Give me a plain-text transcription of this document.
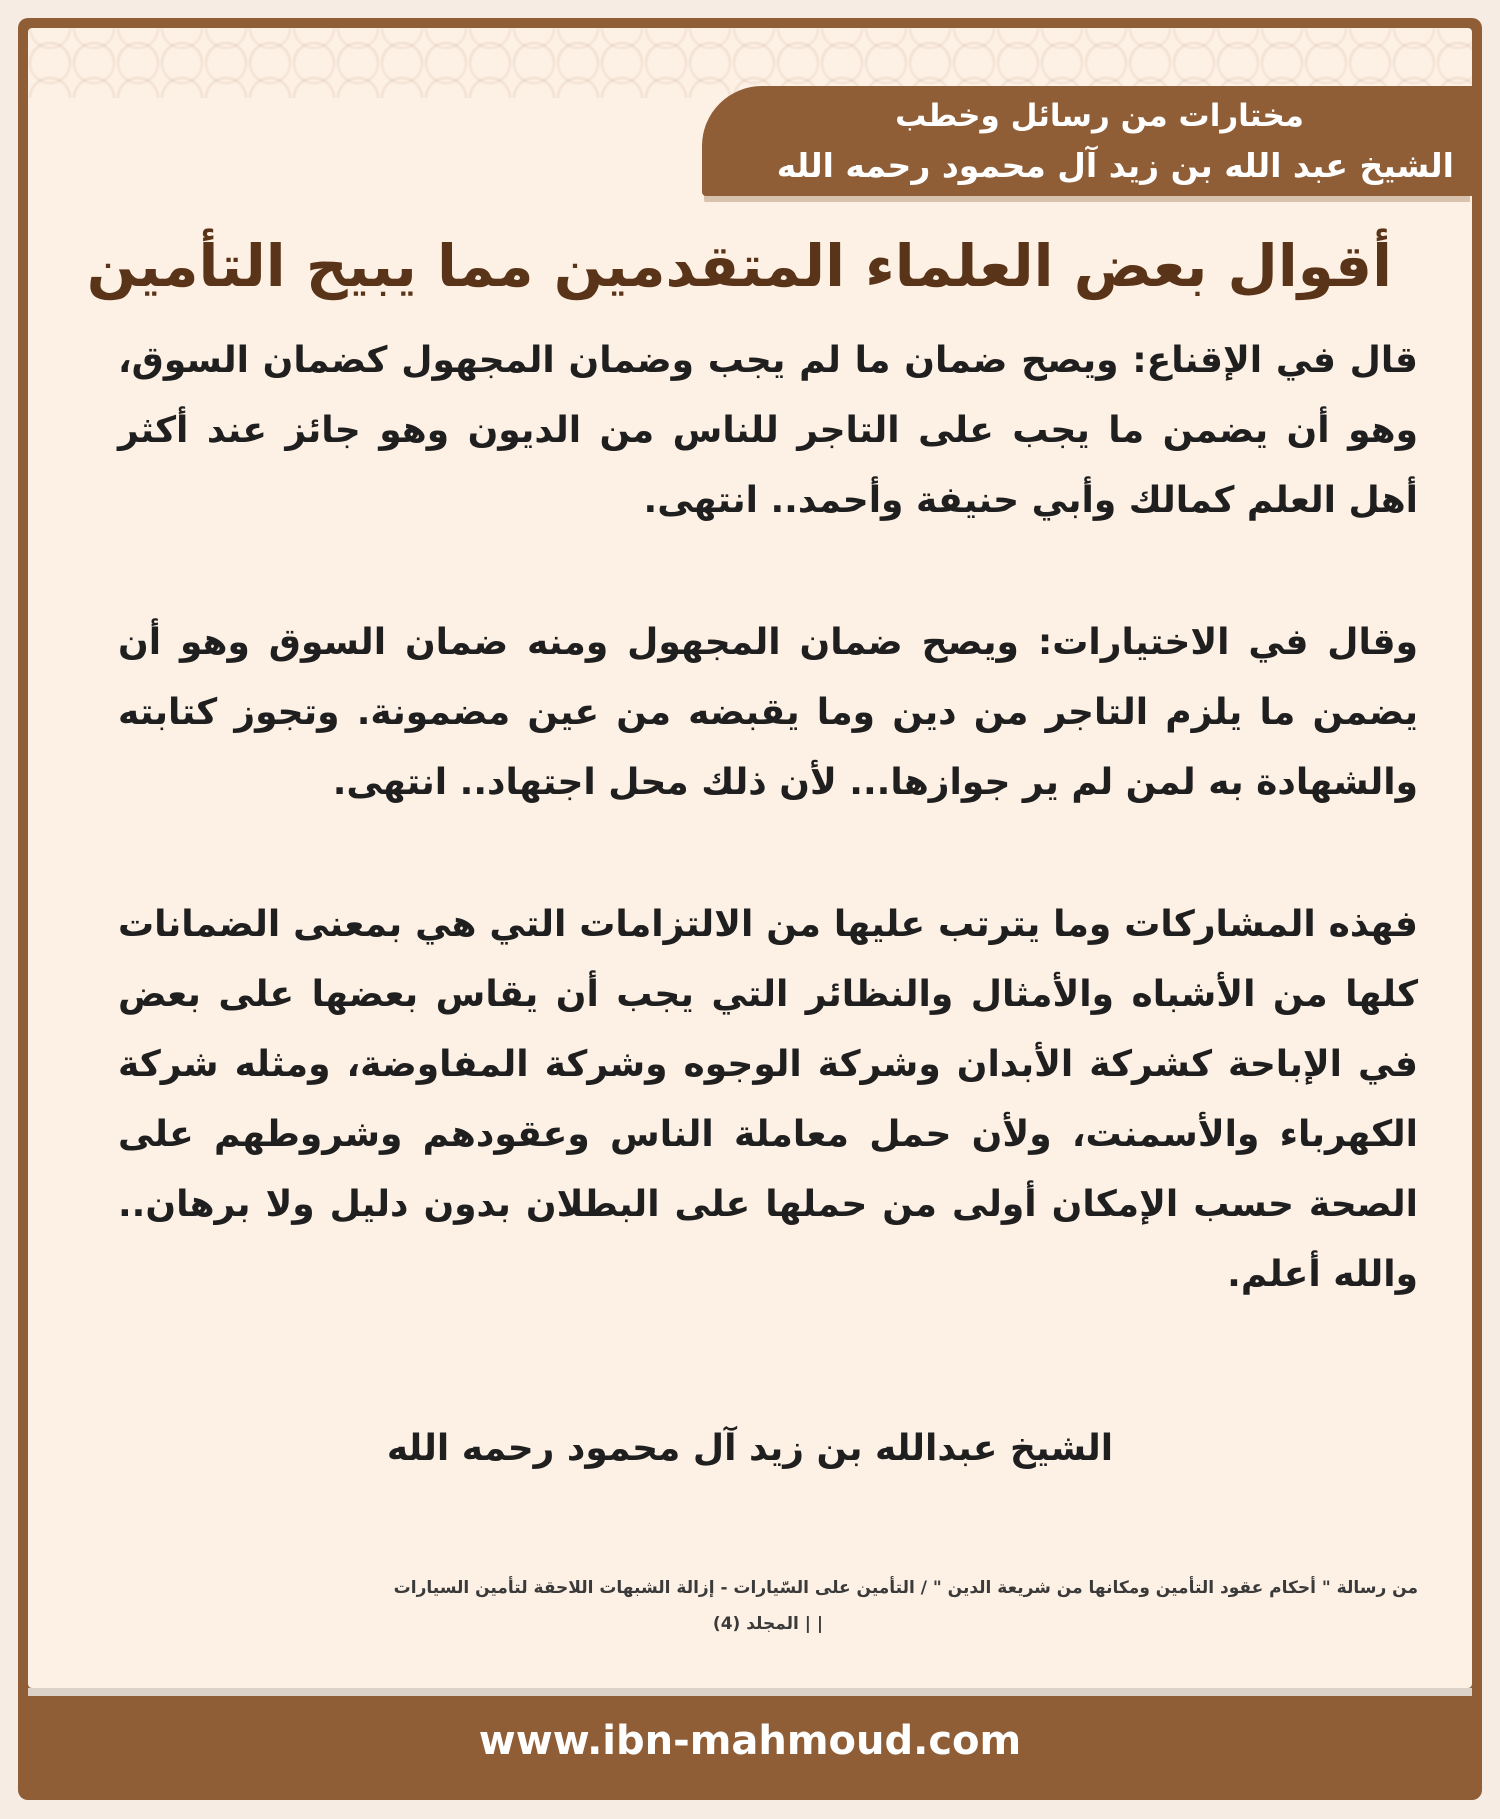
مختارات من رسائل وخطب
الشيخ عبد الله بن زيد آل محمود رحمه الله
أقوال بعض العلماء المتقدمين مما يبيح التأمين

قال في الإقناع: ويصح ضمان ما لم يجب وضمان المجهول كضمان السوق، وهو أن يضمن ما يجب على التاجر للناس من الديون وهو جائز عند أكثر أهل العلم كمالك وأبي حنيفة وأحمد.. انتهى.

وقال في الاختيارات: ويصح ضمان المجهول ومنه ضمان السوق وهو أن يضمن ما يلزم التاجر من دين وما يقبضه من عين مضمونة. وتجوز كتابته والشهادة به لمن لم ير جوازها... لأن ذلك محل اجتهاد.. انتهى.

فهذه المشاركات وما يترتب عليها من الالتزامات التي هي بمعنى الضمانات كلها من الأشباه والأمثال والنظائر التي يجب أن يقاس بعضها على بعض في الإباحة كشركة الأبدان وشركة الوجوه وشركة المفاوضة، ومثله شركة الكهرباء والأسمنت، ولأن حمل معاملة الناس وعقودهم وشروطهم على الصحة حسب الإمكان أولى من حملها على البطلان بدون دليل ولا برهان.. والله أعلم.

الشيخ عبدالله بن زيد آل محمود رحمه الله
من رسالة " أحكام عقود التأمين ومكانها من شريعة الدين " / التأمين على السّيارات - إزالة الشبهات اللاحقة لتأمين السيارات
| | المجلد (4)
www.ibn-mahmoud.com
